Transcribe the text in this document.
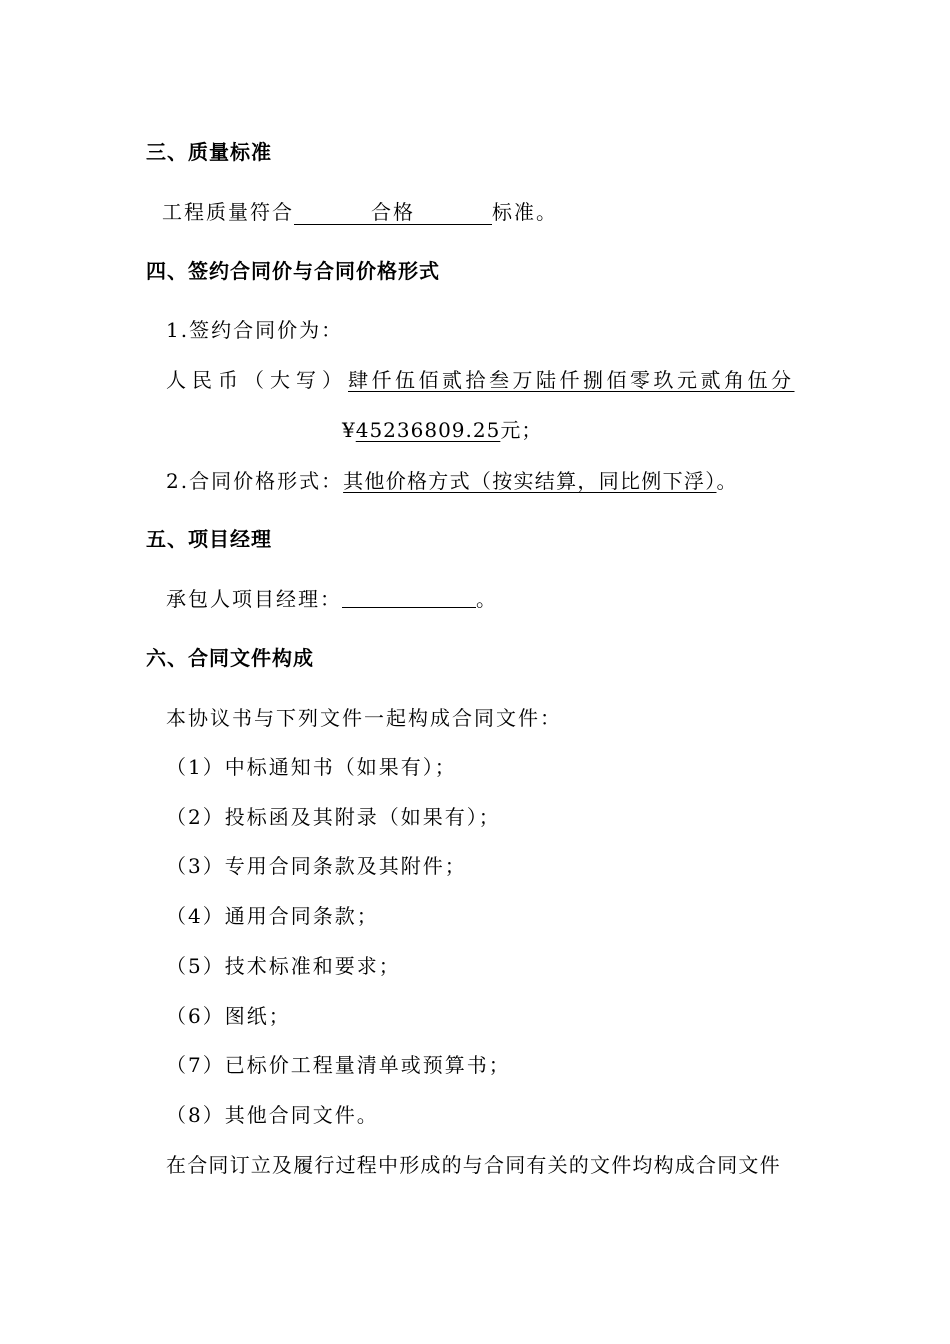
三、质量标准
工程质量符合	合格	标准。
四、签约合同价与合同价格形式
1.签约合同价为：
人民币（大写）肆仟伍佰贰拾叁万陆仟捌佰零玖元贰角伍分
¥45236809.25元；
2.合同价格形式：其他价格方式（按实结算，同比例下浮）。
五、项目经理
承包人项目经理：	。
六、合同文件构成
本协议书与下列文件一起构成合同文件：
（1）中标通知书（如果有）；
（2）投标函及其附录（如果有）；
（3）专用合同条款及其附件；
（4）通用合同条款；
（5）技术标准和要求；
（6）图纸；
（7）已标价工程量清单或预算书；
（8）其他合同文件。
在合同订立及履行过程中形成的与合同有关的文件均构成合同文件
